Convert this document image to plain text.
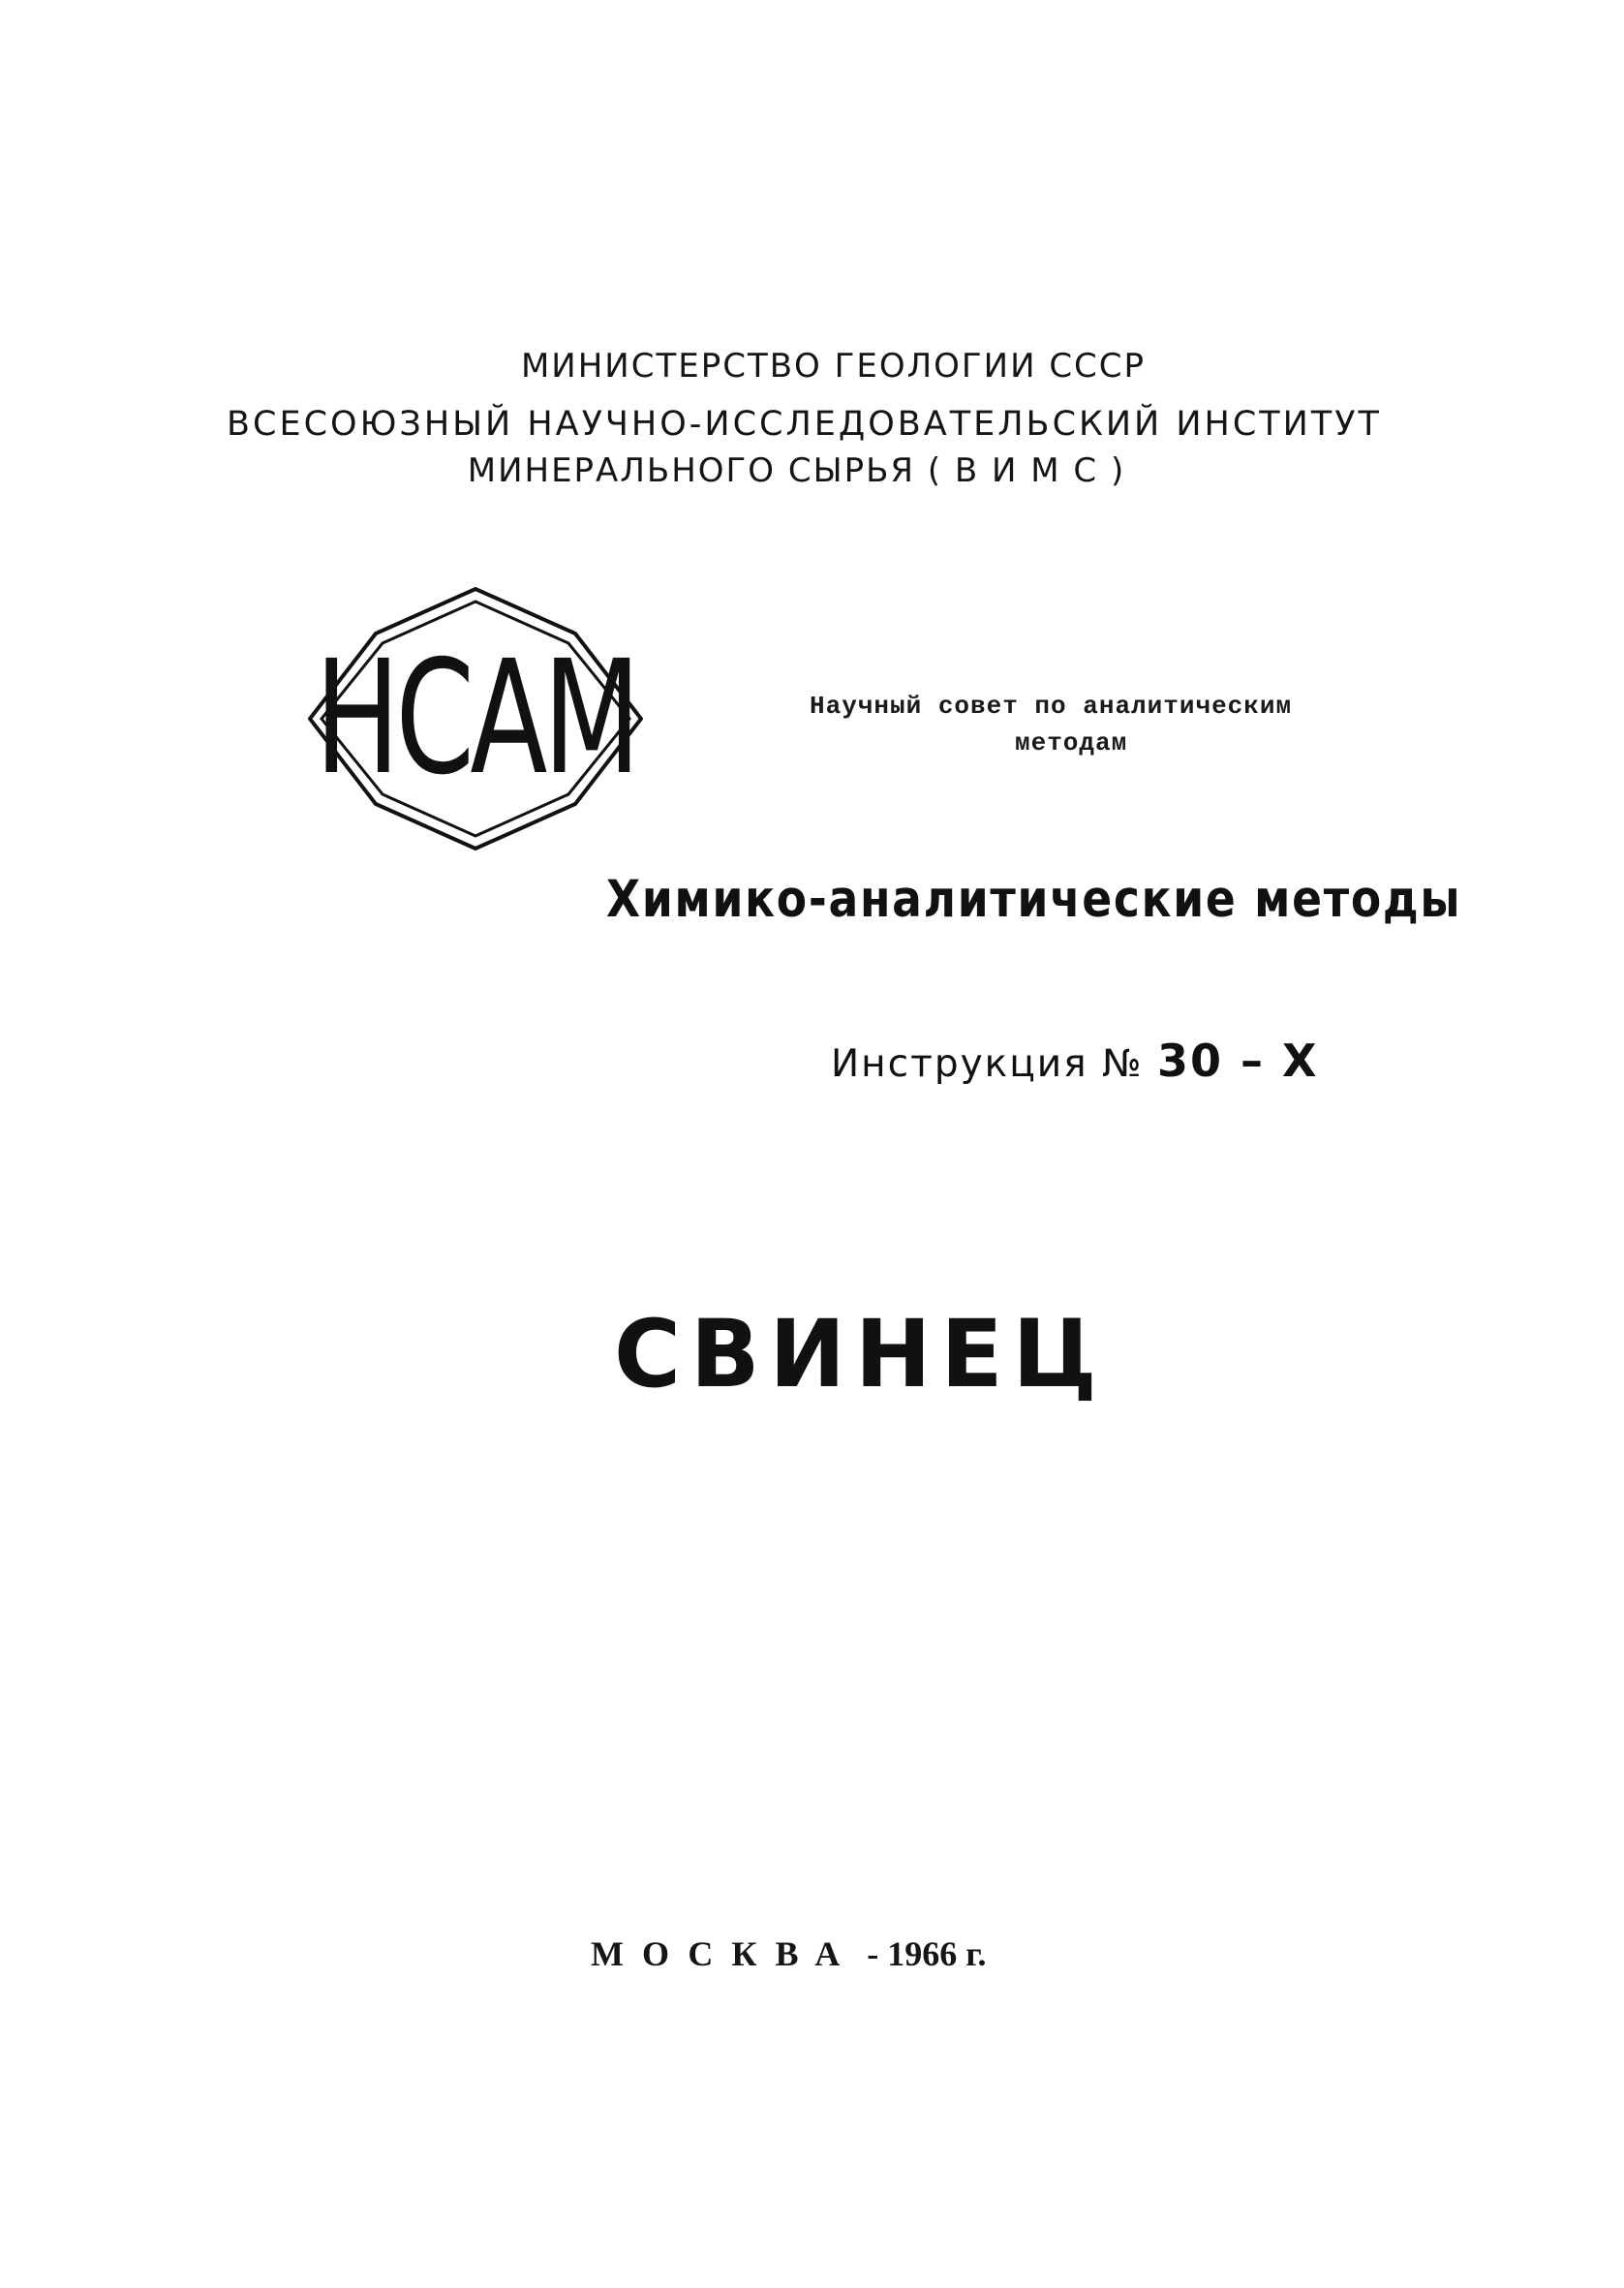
МИНИСТЕРСТВО ГЕОЛОГИИ СССР
ВСЕСОЮЗНЫЙ НАУЧНО-ИССЛЕДОВАТЕЛЬСКИЙ ИНСТИТУТ
МИНЕРАЛЬНОГО СЫРЬЯ ( В И М С )
НСАМ	Научный совет по аналитическим
методам
Химико-аналитические методы
Инструкция № 30 – Х
СВИНЕЦ
МОСКВА - 1966 г.
